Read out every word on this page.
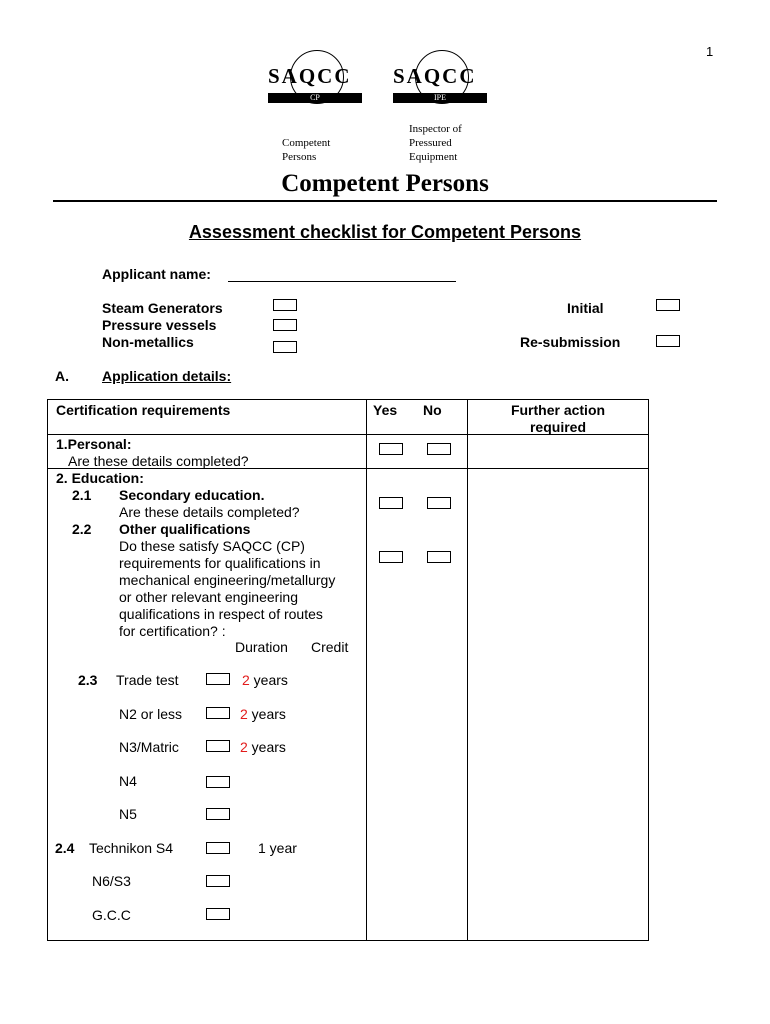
1
SAQCC
CP
Competent
Persons
SAQCC
IPE
Inspector of
Pressured
Equipment
Competent Persons
Assessment checklist for Competent Persons
Applicant name:
Steam Generators
Pressure vessels
Non-metallics
Initial
Re-submission
A. Application details:
Certification requirements	Yes No	Further action
required
1.Personal:
Are these details completed?
2. Education:
2.1 Secondary education.
Are these details completed?
2.2 Other qualifications
Do these satisfy SAQCC (CP)
requirements for qualifications in
mechanical engineering/metallurgy
or other relevant engineering
qualifications in respect of routes
for certification? :
Duration Credit
2.3 Trade test	2 years
N2 or less	2 years
N3/Matric	2 years
N4
N5
2.4 Technikon S4	1 year
N6/S3
G.C.C
